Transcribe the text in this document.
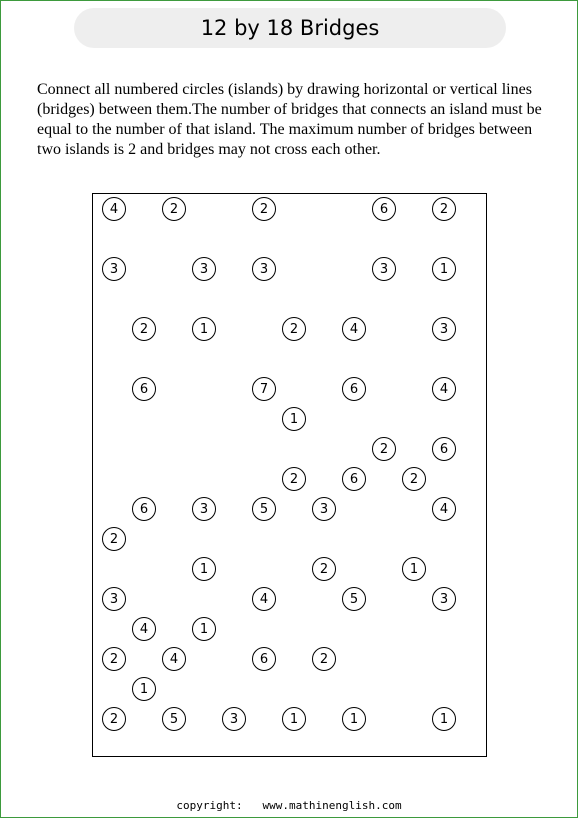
12 by 18 Bridges

Connect all numbered circles (islands) by drawing horizontal or vertical lines (bridges) between them.The number of bridges that connects an island must be equal to the number of that island. The maximum number of bridges between two islands is 2 and bridges may not cross each other.

4	2	2	6	2
3	3	3	3	1
2	1	2	4	3
6	7	6	4
1
2	6
2	6	2
6	3	5	3	4
2
1	2	1
3	4	5	3
4	1
2	4	6	2
1
2	5	3	1	1	1
copyright:   www.mathinenglish.com
